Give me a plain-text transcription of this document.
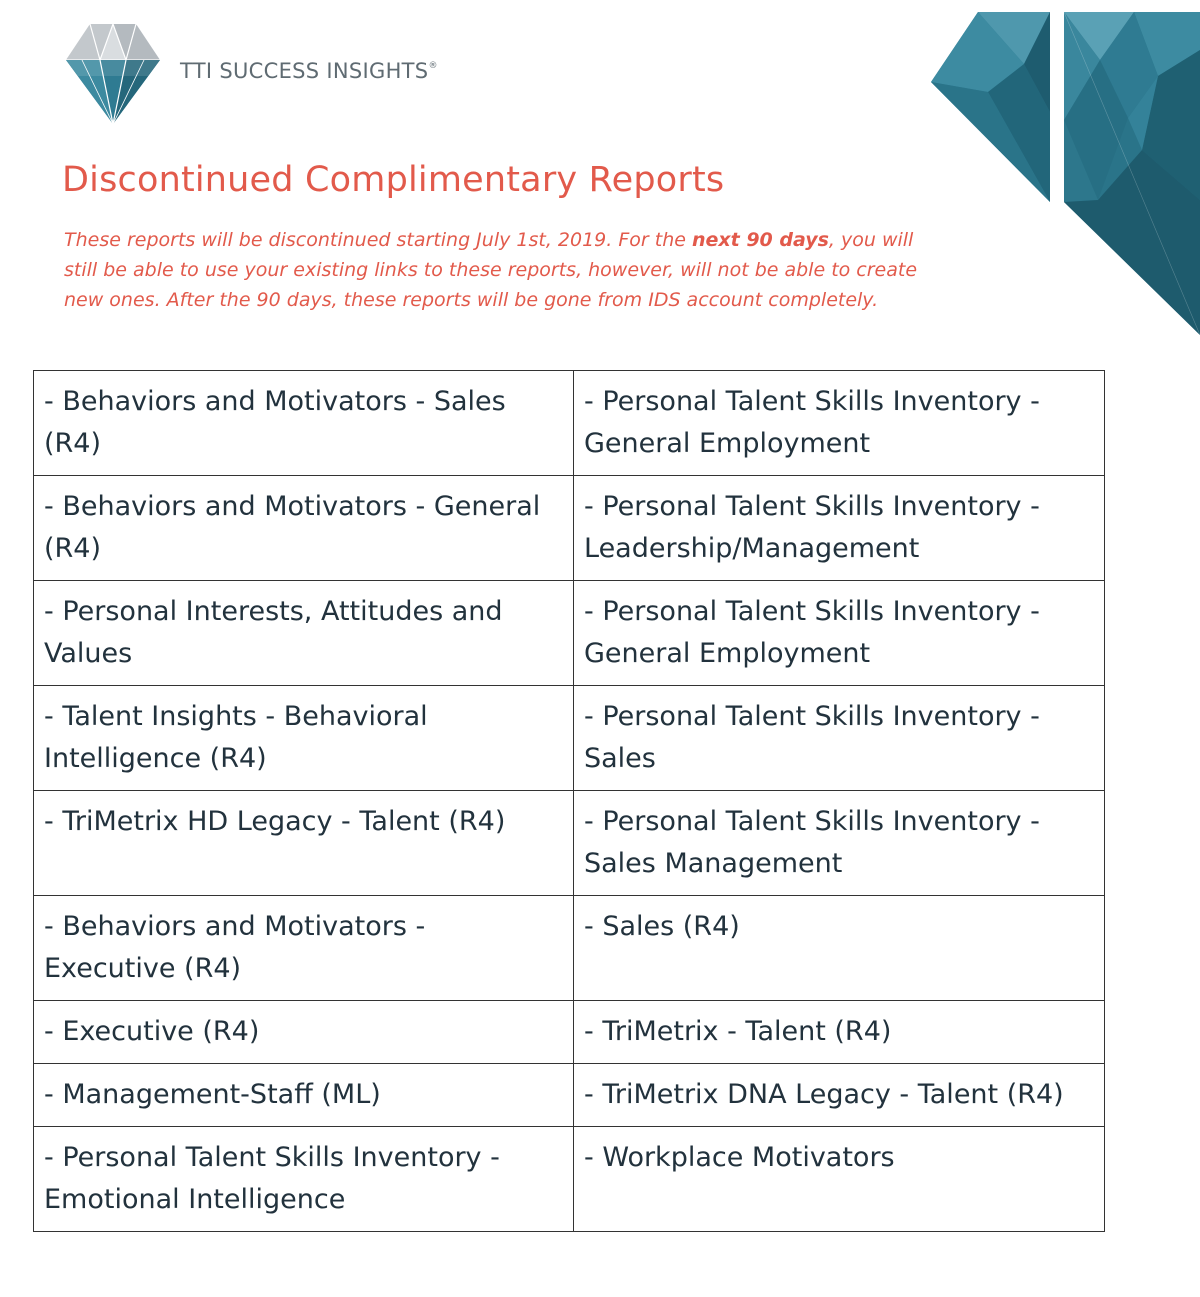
TTI SUCCESS INSIGHTS®
Discontinued Complimentary Reports

These reports will be discontinued starting July 1st, 2019. For the next 90 days, you will still be able to use your existing links to these reports, however, will not be able to create new ones. After the 90 days, these reports will be gone from IDS account completely.

- Behaviors and Motivators - Sales (R4)	- Personal Talent Skills Inventory - General Employment
- Behaviors and Motivators - General (R4)	- Personal Talent Skills Inventory - Leadership/Management
- Personal Interests, Attitudes and Values	- Personal Talent Skills Inventory - General Employment
- Talent Insights - Behavioral Intelligence (R4)	- Personal Talent Skills Inventory - Sales
- TriMetrix HD Legacy - Talent (R4)	- Personal Talent Skills Inventory - Sales Management
- Behaviors and Motivators - Executive (R4)	- Sales (R4)
- Executive (R4)	- TriMetrix - Talent (R4)
- Management-Staff (ML)	- TriMetrix DNA Legacy - Talent (R4)
- Personal Talent Skills Inventory - Emotional Intelligence	- Workplace Motivators
